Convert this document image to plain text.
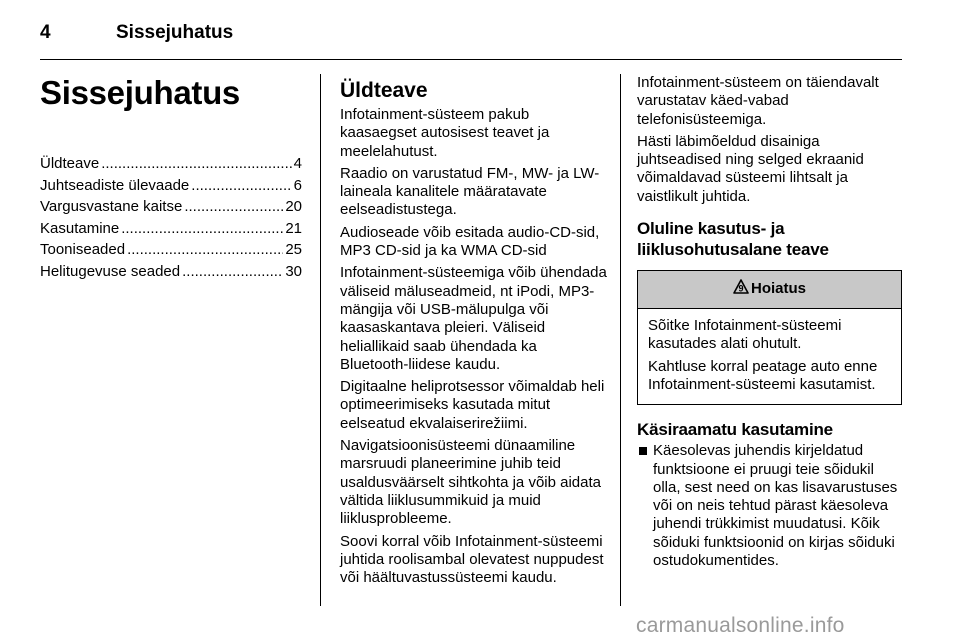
4	Sissejuhatus
Sissejuhatus
Üldteave .....	4
Juhtseadiste ülevaade .....	6
Vargusvastane kaitse .....	20
Kasutamine .....	21
Tooniseaded .....	25
Helitugevuse seaded .....	30
Üldteave

Infotainment-süsteem pakub kaasaegset autosisest teavet ja meelelahutust.

Raadio on varustatud FM-, MW- ja LW-laineala kanalitele määratavate eelseadistustega.

Audioseade võib esitada audio-CD-sid, MP3 CD-sid ja ka WMA CD-sid

Infotainment-süsteemiga võib ühendada väliseid mäluseadmeid, nt iPodi, MP3-mängija või USB-mälupulga või kaasaskantava pleieri. Väliseid heliallikaid saab ühendada ka Bluetooth-liidese kaudu.

Digitaalne heliprotsessor võimaldab heli optimeerimiseks kasutada mitut eelseatud ekvalaiserirežiimi.

Navigatsioonisüsteemi dünaamiline marsruudi planeerimine juhib teid usaldusväärselt sihtkohta ja võib aidata vältida liiklusummikuid ja muid liiklusprobleeme.

Soovi korral võib Infotainment-süsteemi juhtida roolisambal olevatest nuppudest või häältuvastussüsteemi kaudu.

Infotainment-süsteem on täiendavalt varustatav käed-vabad telefonisüsteemiga.

Hästi läbimõeldud disainiga juhtseadised ning selged ekraanid võimaldavad süsteemi lihtsalt ja vaistlikult juhtida.

Oluline kasutus- ja liiklusohutusalane teave
9 Hoiatus

Sõitke Infotainment-süsteemi kasutades alati ohutult.

Kahtluse korral peatage auto enne Infotainment-süsteemi kasutamist.

Käsiraamatu kasutamine
Käesolevas juhendis kirjeldatud funktsioone ei pruugi teie sõidukil olla, sest need on kas lisavarustuses või on neis tehtud pärast käesoleva juhendi trükkimist muudatusi. Kõik sõiduki funktsioonid on kirjas sõiduki ostudokumentides.
carmanualsonline.info
